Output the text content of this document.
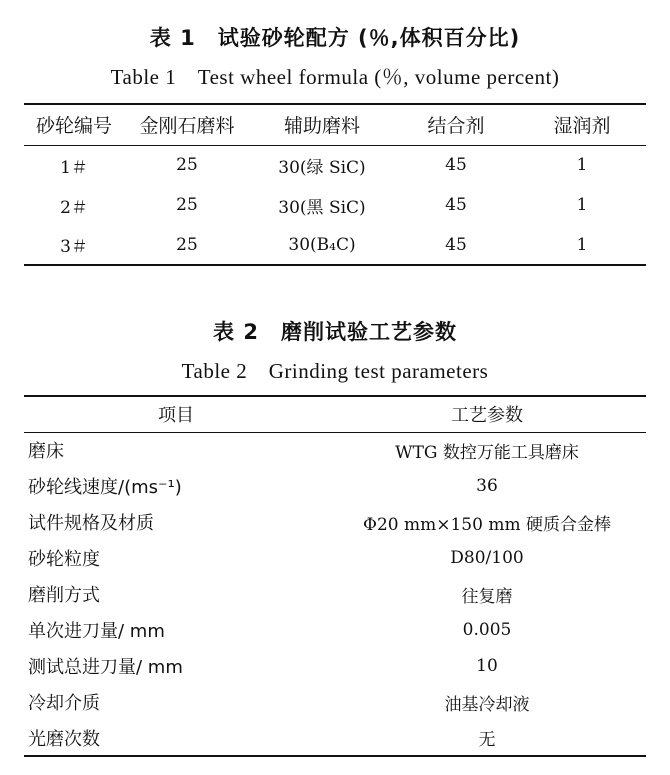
表 1　试验砂轮配方 (％,体积百分比)
Table 1　Test wheel formula (％, volume percent)
砂轮编号	金刚石磨料	辅助磨料	结合剂	湿润剂
1＃	25	30(绿 SiC)	45	1
2＃	25	30(黑 SiC)	45	1
3＃	25	30(B₄C)	45	1
表 2　磨削试验工艺参数
Table 2　Grinding test parameters
项目	工艺参数
磨床	WTG 数控万能工具磨床
砂轮线速度/(ms⁻¹)	36
试件规格及材质	Φ20 mm×150 mm 硬质合金棒
砂轮粒度	D80/100
磨削方式	往复磨
单次进刀量/ mm	0.005
测试总进刀量/ mm	10
冷却介质	油基冷却液
光磨次数	无
